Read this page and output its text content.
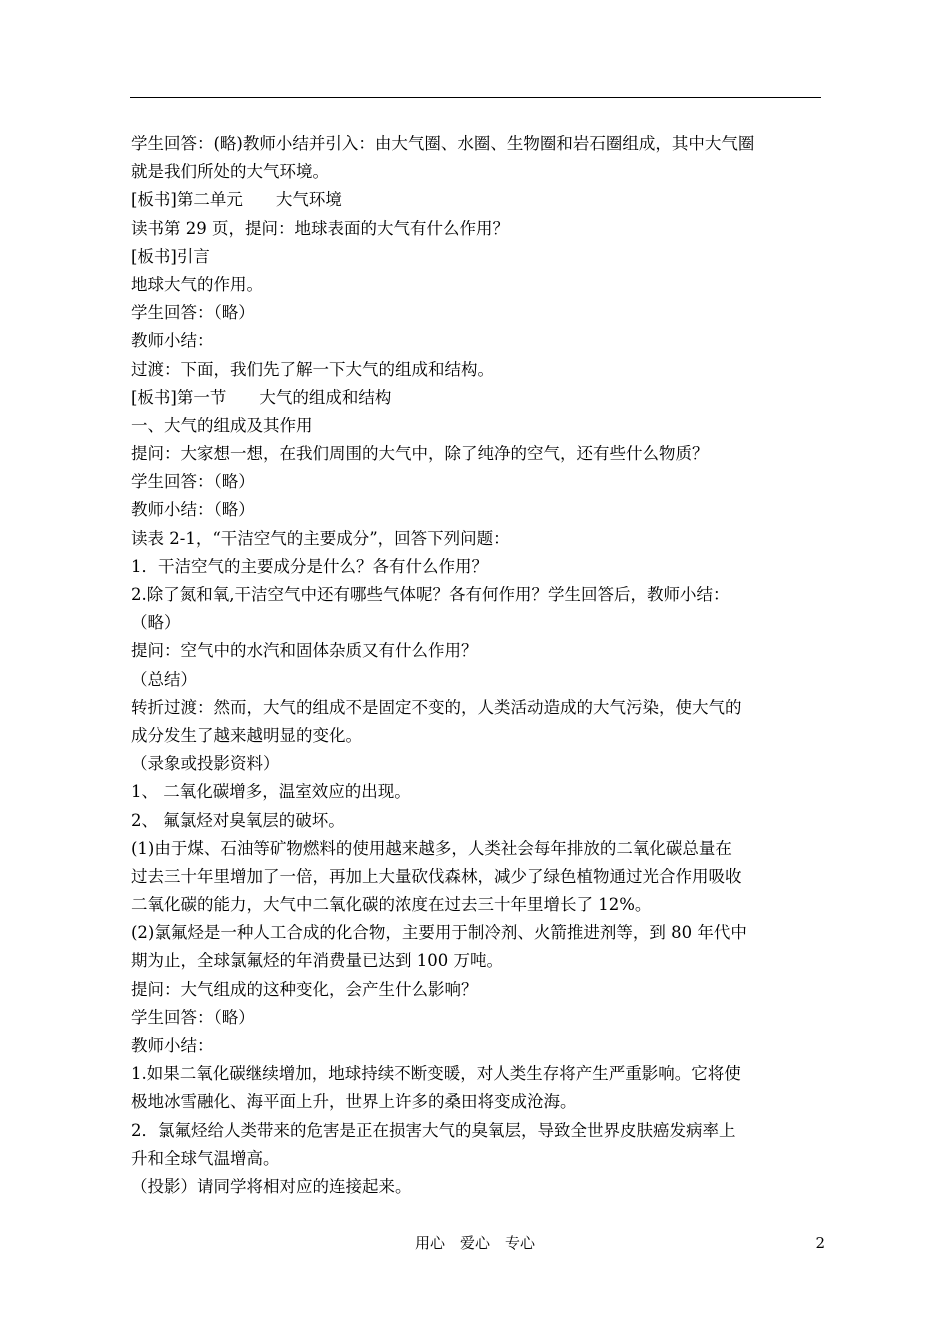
学生回答：(略)教师小结并引入：由大气圈、水圈、生物圈和岩石圈组成，其中大气圈
就是我们所处的大气环境。
[板书]第二单元　　大气环境
读书第 29 页，提问：地球表面的大气有什么作用？
[板书]引言
地球大气的作用。
学生回答：（略）
教师小结：
过渡：下面，我们先了解一下大气的组成和结构。
[板书]第一节　　大气的组成和结构
一、大气的组成及其作用
提问：大家想一想，在我们周围的大气中，除了纯净的空气，还有些什么物质？
学生回答：（略）
教师小结：（略）
读表 2-1，“干洁空气的主要成分”，回答下列问题：
1．干洁空气的主要成分是什么？各有什么作用？
2.除了氮和氧,干洁空气中还有哪些气体呢？各有何作用？学生回答后，教师小结：
（略）
提问：空气中的水汽和固体杂质又有什么作用？
（总结）
转折过渡：然而，大气的组成不是固定不变的，人类活动造成的大气污染，使大气的
成分发生了越来越明显的变化。
（录象或投影资料）
1、 二氧化碳增多，温室效应的出现。
2、 氟氯烃对臭氧层的破坏。
(1)由于煤、石油等矿物燃料的使用越来越多，人类社会每年排放的二氧化碳总量在
过去三十年里增加了一倍，再加上大量砍伐森林，减少了绿色植物通过光合作用吸收
二氧化碳的能力，大气中二氧化碳的浓度在过去三十年里增长了 12%。
(2)氯氟烃是一种人工合成的化合物，主要用于制冷剂、火箭推进剂等，到 80 年代中
期为止，全球氯氟烃的年消费量已达到 100 万吨。
提问：大气组成的这种变化，会产生什么影响？
学生回答：（略）
教师小结：
1.如果二氧化碳继续增加，地球持续不断变暖，对人类生存将产生严重影响。它将使
极地冰雪融化、海平面上升，世界上许多的桑田将变成沧海。
2．氯氟烃给人类带来的危害是正在损害大气的臭氧层，导致全世界皮肤癌发病率上
升和全球气温增高。
（投影）请同学将相对应的连接起来。
用心　爱心　专心	2
